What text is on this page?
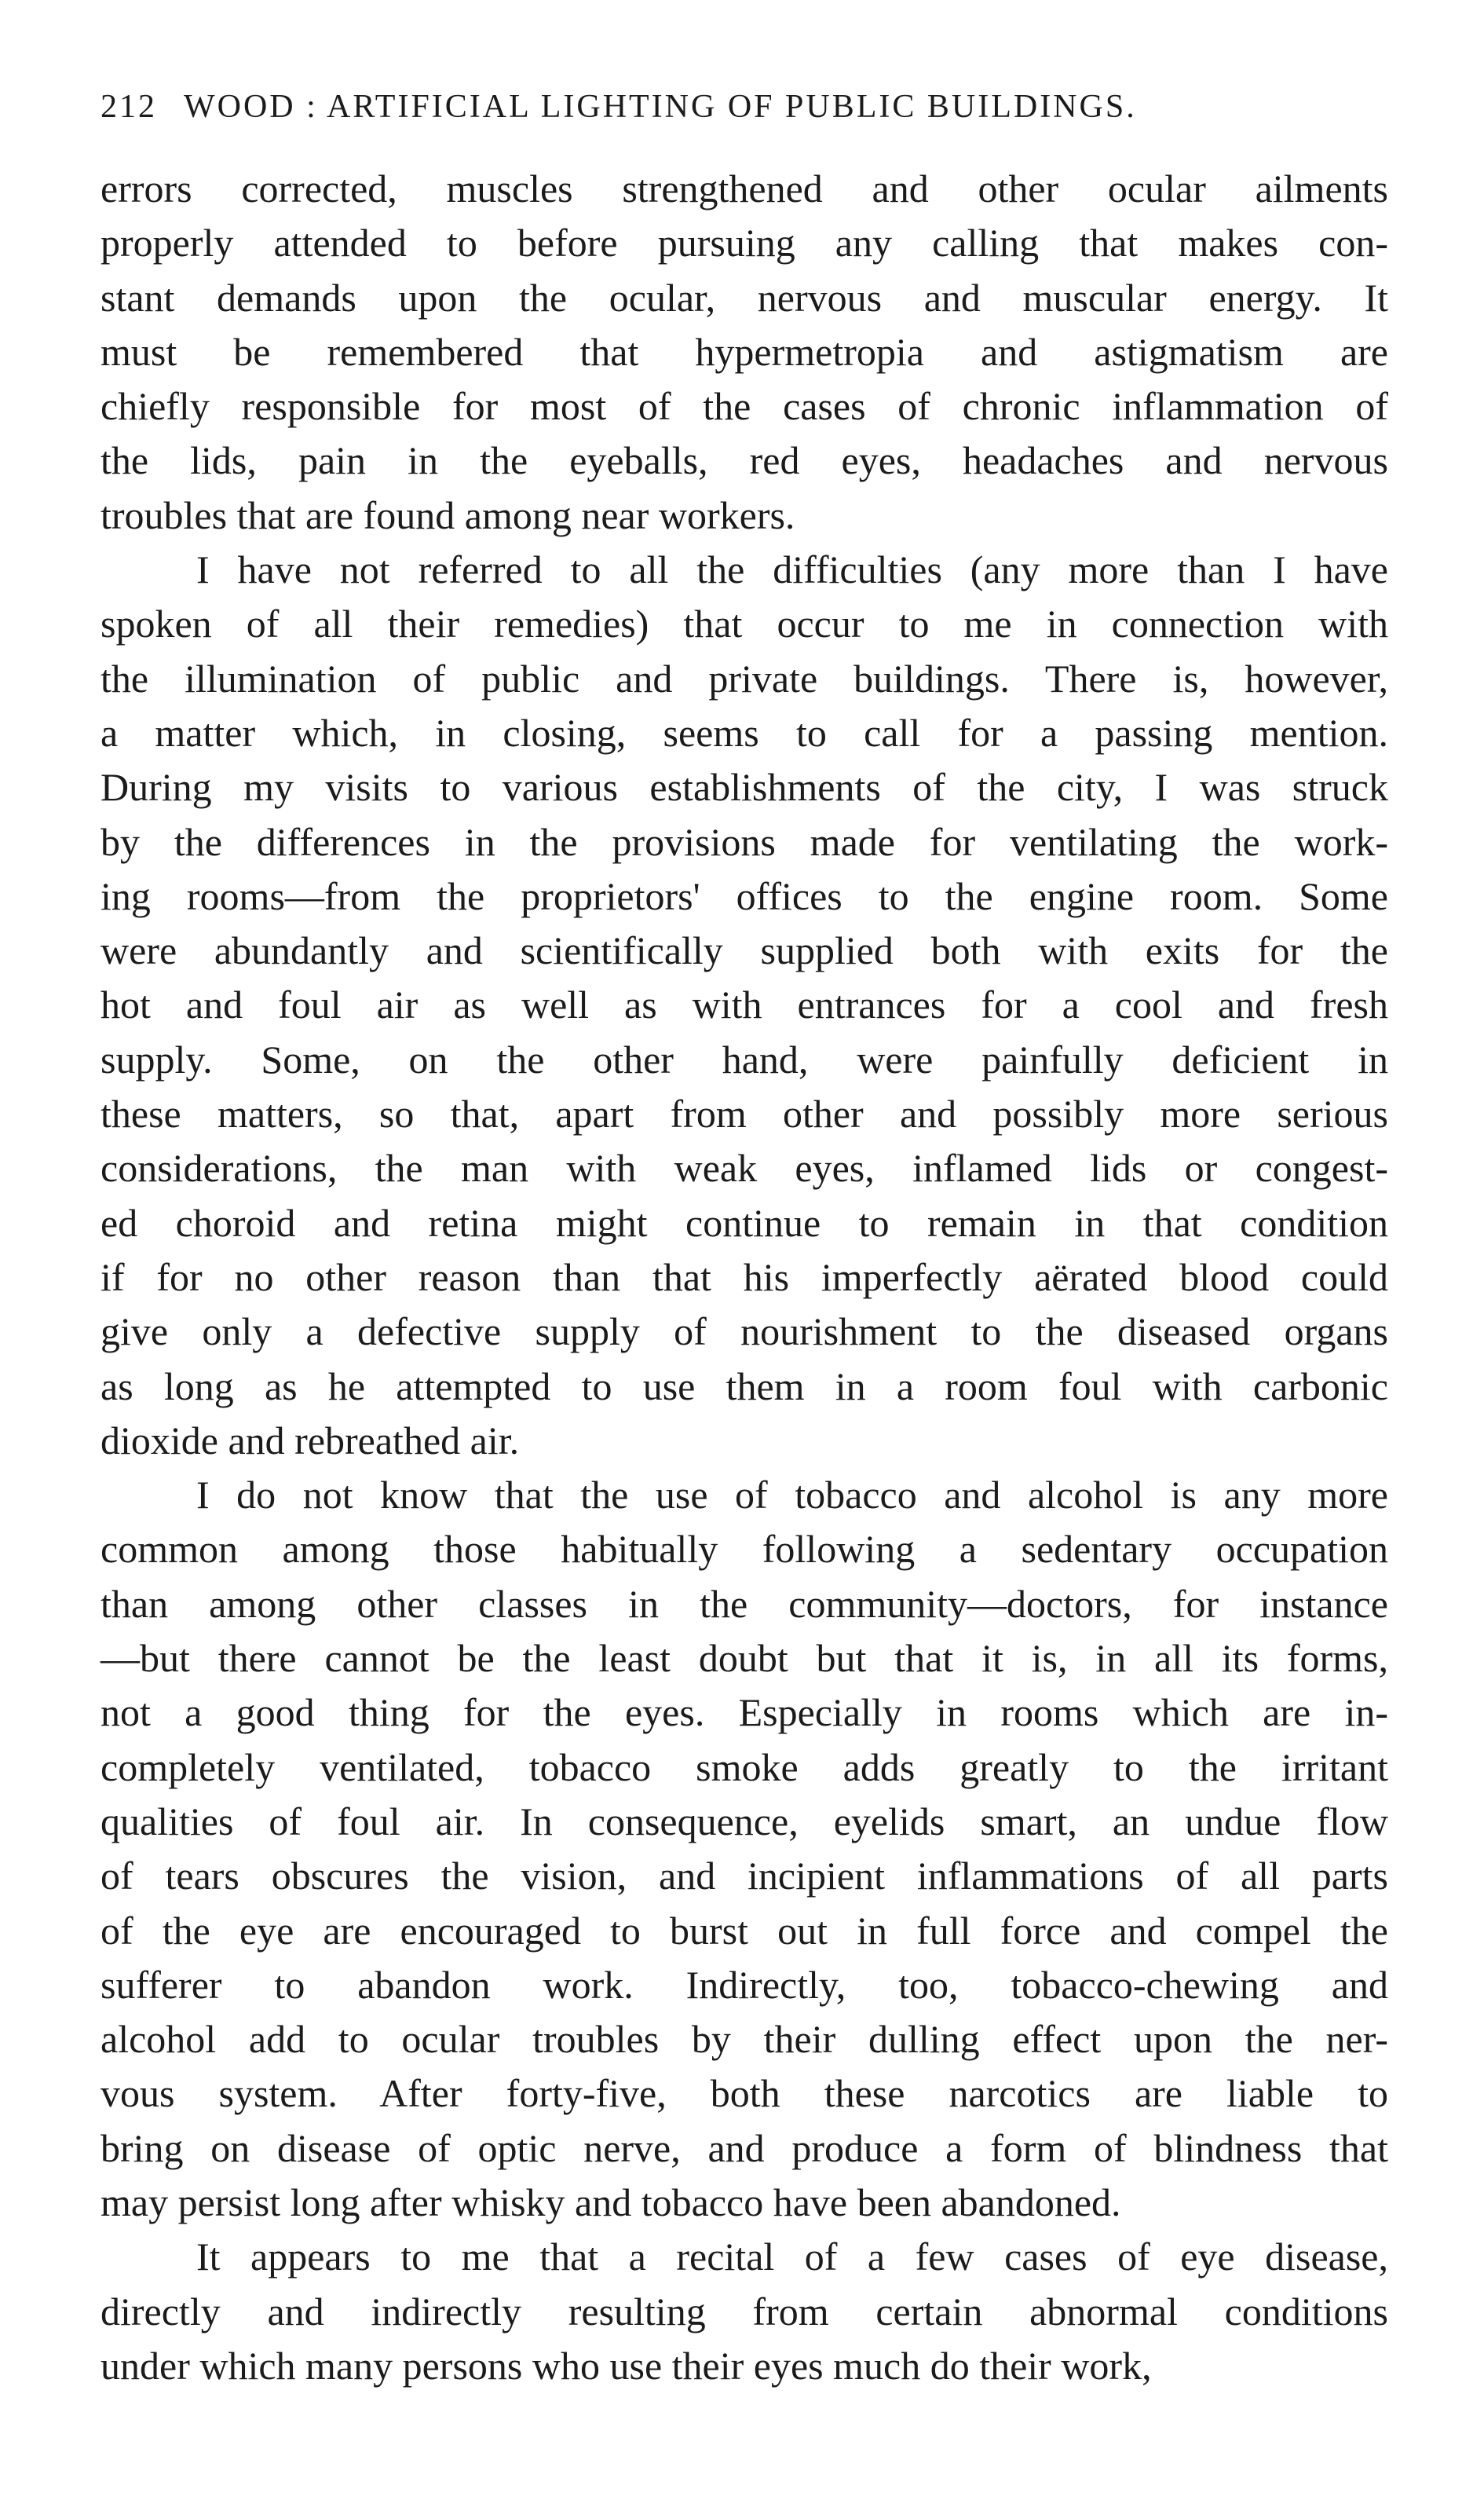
212 WOOD : ARTIFICIAL LIGHTING OF PUBLIC BUILDINGS.
errors corrected, muscles strengthened and other ocular ailments
properly attended to before pursuing any calling that makes con-
stant demands upon the ocular, nervous and muscular energy. It
must be remembered that hypermetropia and astigmatism are
chiefly responsible for most of the cases of chronic inflammation of
the lids, pain in the eyeballs, red eyes, headaches and nervous
troubles that are found among near workers.
I have not referred to all the difficulties (any more than I have
spoken of all their remedies) that occur to me in connection with
the illumination of public and private buildings. There is, however,
a matter which, in closing, seems to call for a passing mention.
During my visits to various establishments of the city, I was struck
by the differences in the provisions made for ventilating the work-
ing rooms—from the proprietors' offices to the engine room. Some
were abundantly and scientifically supplied both with exits for the
hot and foul air as well as with entrances for a cool and fresh
supply. Some, on the other hand, were painfully deficient in
these matters, so that, apart from other and possibly more serious
considerations, the man with weak eyes, inflamed lids or congest-
ed choroid and retina might continue to remain in that condition
if for no other reason than that his imperfectly aërated blood could
give only a defective supply of nourishment to the diseased organs
as long as he attempted to use them in a room foul with carbonic
dioxide and rebreathed air.
I do not know that the use of tobacco and alcohol is any more
common among those habitually following a sedentary occupation
than among other classes in the community—doctors, for instance
—but there cannot be the least doubt but that it is, in all its forms,
not a good thing for the eyes. Especially in rooms which are in-
completely ventilated, tobacco smoke adds greatly to the irritant
qualities of foul air. In consequence, eyelids smart, an undue flow
of tears obscures the vision, and incipient inflammations of all parts
of the eye are encouraged to burst out in full force and compel the
sufferer to abandon work. Indirectly, too, tobacco-chewing and
alcohol add to ocular troubles by their dulling effect upon the ner-
vous system. After forty-five, both these narcotics are liable to
bring on disease of optic nerve, and produce a form of blindness that
may persist long after whisky and tobacco have been abandoned.
It appears to me that a recital of a few cases of eye disease,
directly and indirectly resulting from certain abnormal conditions
under which many persons who use their eyes much do their work,
